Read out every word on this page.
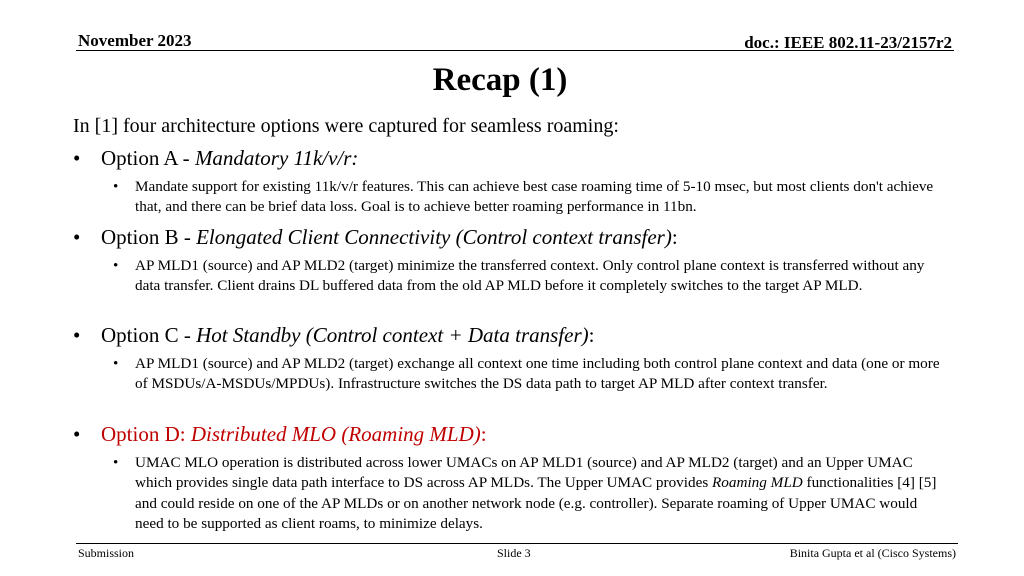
November 2023	doc.: IEEE 802.11-23/2157r2
Recap (1)
In [1] four architecture options were captured for seamless roaming:
• Option A - Mandatory 11k/v/r:
• Mandate support for existing 11k/v/r features. This can achieve best case roaming time of 5-10 msec, but most clients don't achieve that, and there can be brief data loss. Goal is to achieve better roaming performance in 11bn.
• Option B - Elongated Client Connectivity (Control context transfer):
• AP MLD1 (source) and AP MLD2 (target) minimize the transferred context. Only control plane context is transferred without any data transfer. Client drains DL buffered data from the old AP MLD before it completely switches to the target AP MLD.
• Option C - Hot Standby (Control context + Data transfer):
• AP MLD1 (source) and AP MLD2 (target) exchange all context one time including both control plane context and data (one or more of MSDUs/A-MSDUs/MPDUs). Infrastructure switches the DS data path to target AP MLD after context transfer.
• Option D: Distributed MLO (Roaming MLD):
• UMAC MLO operation is distributed across lower UMACs on AP MLD1 (source) and AP MLD2 (target) and an Upper UMAC which provides single data path interface to DS across AP MLDs. The Upper UMAC provides Roaming MLD functionalities [4] [5] and could reside on one of the AP MLDs or on another network node (e.g. controller). Separate roaming of Upper UMAC would need to be supported as client roams, to minimize delays.
Submission	Slide 3	Binita Gupta et al (Cisco Systems)
